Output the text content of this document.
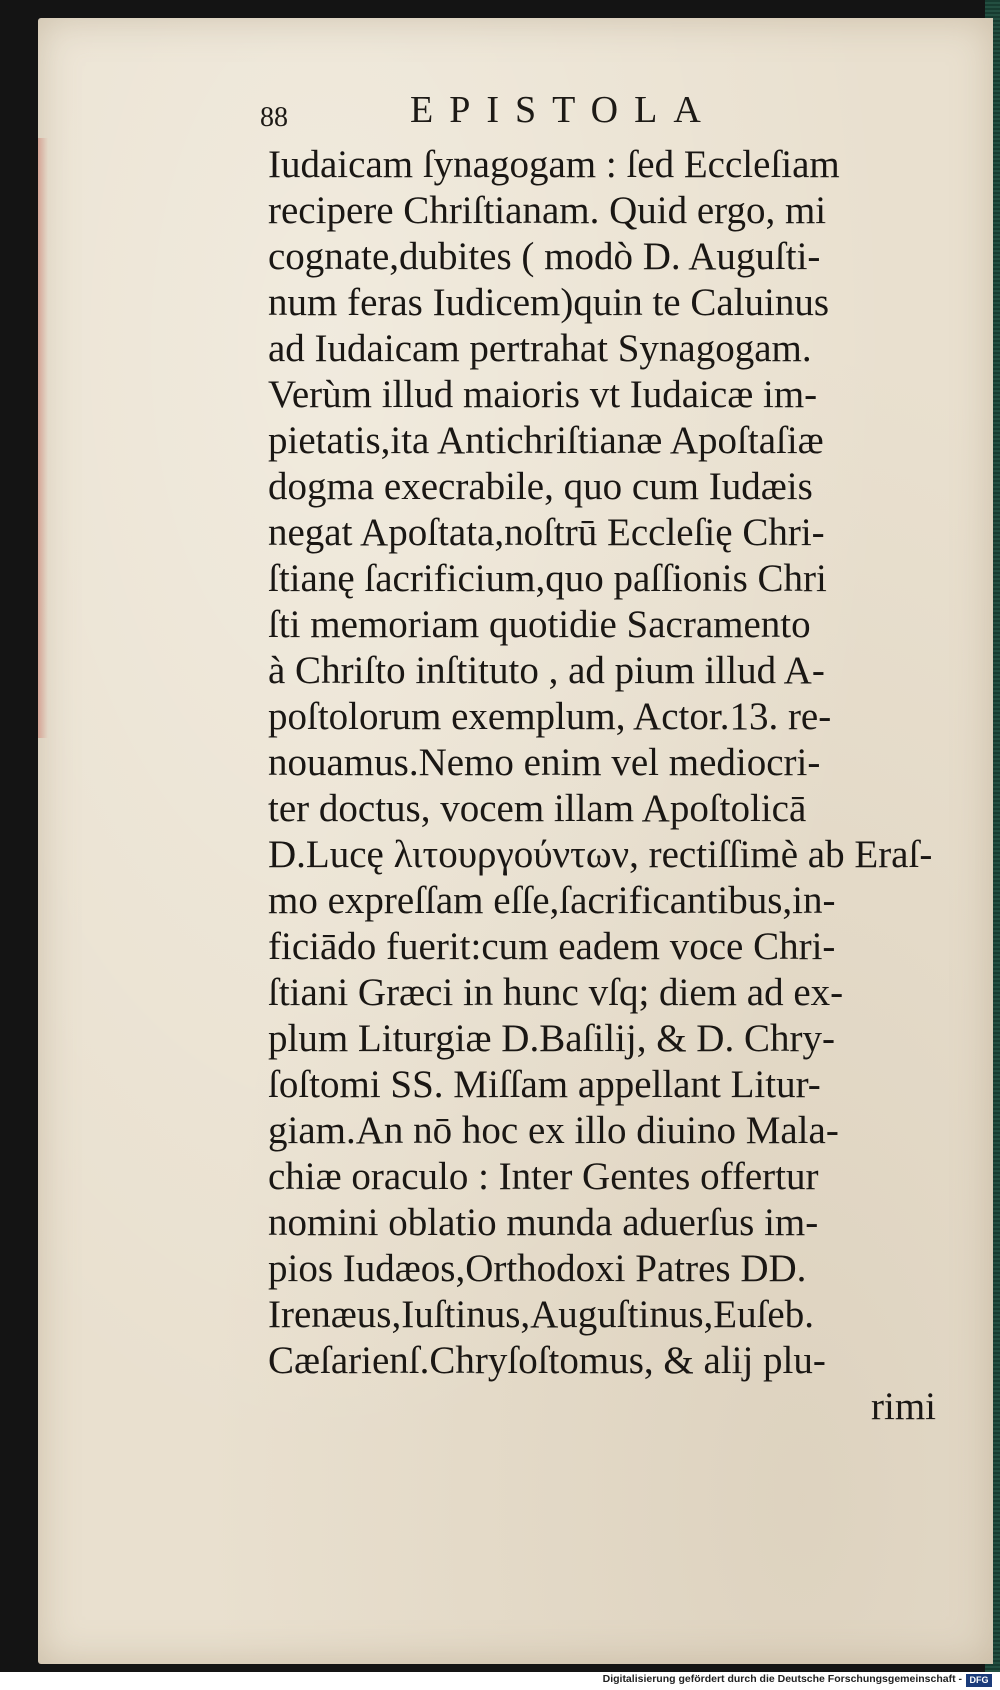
88	EPISTOLA
Iudaicam ſynagogam : ſed Eccleſiam
recipere Chriſtianam. Quid ergo, mi
cognate,dubites ( modò D. Auguſti-
num feras Iudicem)quin te Caluinus
ad Iudaicam pertrahat Synagogam.
Verùm illud maioris vt Iudaicæ im-
pietatis,ita Antichriſtianæ Apoſtaſiæ
dogma execrabile, quo cum Iudæis
negat Apoſtata,noſtrū Eccleſię Chri-
ſtianę ſacrificium,quo paſſionis Chri
ſti memoriam quotidie Sacramento
à Chriſto inſtituto , ad pium illud A-
poſtolorum exemplum, Actor.13. re-
nouamus.Nemo enim vel mediocri-
ter doctus, vocem illam Apoſtolicā
D.Lucę λιτουργούντων, rectiſſimè ab Eraſ-
mo expreſſam eſſe,ſacrificantibus,in-
ficiādo fuerit:cum eadem voce Chri-
ſtiani Græci in hunc vſq; diem ad ex-
plum Liturgiæ D.Baſilij, & D. Chry-
ſoſtomi SS. Miſſam appellant Litur-
giam.An nō hoc ex illo diuino Mala-
chiæ oraculo : Inter Gentes offertur
nomini oblatio munda aduerſus im-
pios Iudæos,Orthodoxi Patres DD.
Irenæus,Iuſtinus,Auguſtinus,Euſeb.
Cæſarienſ.Chryſoſtomus, & alij plu-
rimi
Digitalisierung gefördert durch die Deutsche Forschungsgemeinschaft - DFG
